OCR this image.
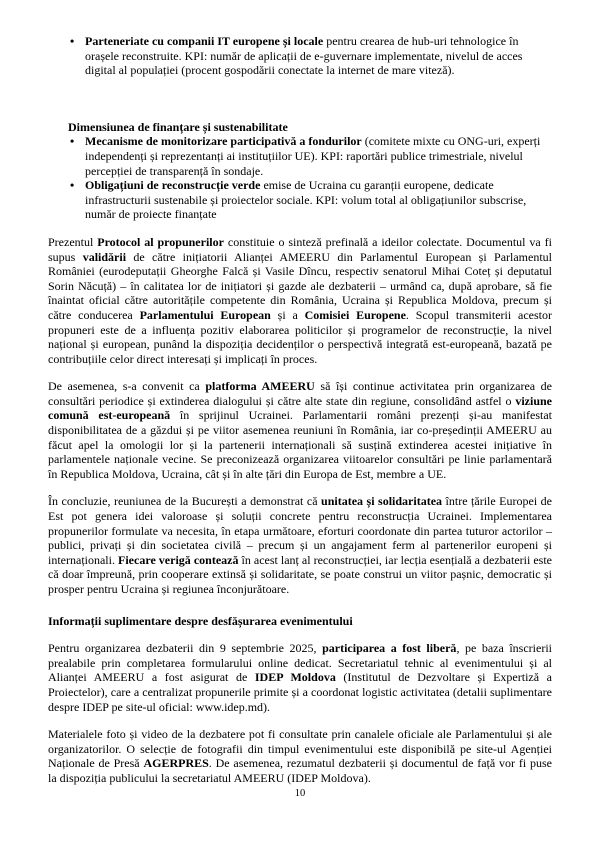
• Parteneriate cu companii IT europene și locale pentru crearea de hub-uri tehnologice în orașele reconstruite. KPI: număr de aplicații de e-guvernare implementate, nivelul de acces digital al populației (procent gospodării conectate la internet de mare viteză).
Dimensiunea de finanțare și sustenabilitate
• Mecanisme de monitorizare participativă a fondurilor (comitete mixte cu ONG-uri, experți independenți și reprezentanți ai instituțiilor UE). KPI: raportări publice trimestriale, nivelul percepției de transparență în sondaje.
• Obligațiuni de reconstrucție verde emise de Ucraina cu garanții europene, dedicate infrastructurii sustenabile și proiectelor sociale. KPI: volum total al obligațiunilor subscrise, număr de proiecte finanțate

Prezentul Protocol al propunerilor constituie o sinteză prefinală a ideilor colectate. Documentul va fi supus validării de către inițiatorii Alianței AMEERU din Parlamentul European și Parlamentul României (eurodeputații Gheorghe Falcă și Vasile Dîncu, respectiv senatorul Mihai Coteț și deputatul Sorin Năcuță) – în calitatea lor de inițiatori și gazde ale dezbaterii – urmând ca, după aprobare, să fie înaintat oficial către autoritățile competente din România, Ucraina și Republica Moldova, precum și către conducerea Parlamentului European și a Comisiei Europene. Scopul transmiterii acestor propuneri este de a influența pozitiv elaborarea politicilor și programelor de reconstrucție, la nivel național și european, punând la dispoziția decidenților o perspectivă integrată est-europeană, bazată pe contribuțiile celor direct interesați și implicați în proces.

De asemenea, s-a convenit ca platforma AMEERU să își continue activitatea prin organizarea de consultări periodice și extinderea dialogului și către alte state din regiune, consolidând astfel o viziune comună est-europeană în sprijinul Ucrainei. Parlamentarii români prezenți și-au manifestat disponibilitatea de a găzdui și pe viitor asemenea reuniuni în România, iar co-președinții AMEERU au făcut apel la omologii lor și la partenerii internaționali să susțină extinderea acestei inițiative în parlamentele naționale vecine. Se preconizează organizarea viitoarelor consultări pe linie parlamentară în Republica Moldova, Ucraina, cât și în alte țări din Europa de Est, membre a UE.

În concluzie, reuniunea de la București a demonstrat că unitatea și solidaritatea între țările Europei de Est pot genera idei valoroase și soluții concrete pentru reconstrucția Ucrainei. Implementarea propunerilor formulate va necesita, în etapa următoare, eforturi coordonate din partea tuturor actorilor – publici, privați și din societatea civilă – precum și un angajament ferm al partenerilor europeni și internaționali. Fiecare verigă contează în acest lanț al reconstrucției, iar lecția esențială a dezbaterii este că doar împreună, prin cooperare extinsă și solidaritate, se poate construi un viitor pașnic, democratic și prosper pentru Ucraina și regiunea înconjurătoare.

Informații suplimentare despre desfășurarea evenimentului

Pentru organizarea dezbaterii din 9 septembrie 2025, participarea a fost liberă, pe baza înscrierii prealabile prin completarea formularului online dedicat. Secretariatul tehnic al evenimentului și al Alianței AMEERU a fost asigurat de IDEP Moldova (Institutul de Dezvoltare și Expertiză a Proiectelor), care a centralizat propunerile primite și a coordonat logistic activitatea (detalii suplimentare despre IDEP pe site-ul oficial: www.idep.md).

Materialele foto și video de la dezbatere pot fi consultate prin canalele oficiale ale Parlamentului și ale organizatorilor. O selecție de fotografii din timpul evenimentului este disponibilă pe site-ul Agenției Naționale de Presă AGERPRES. De asemenea, rezumatul dezbaterii și documentul de față vor fi puse la dispoziția publicului la secretariatul AMEERU (IDEP Moldova).

10
